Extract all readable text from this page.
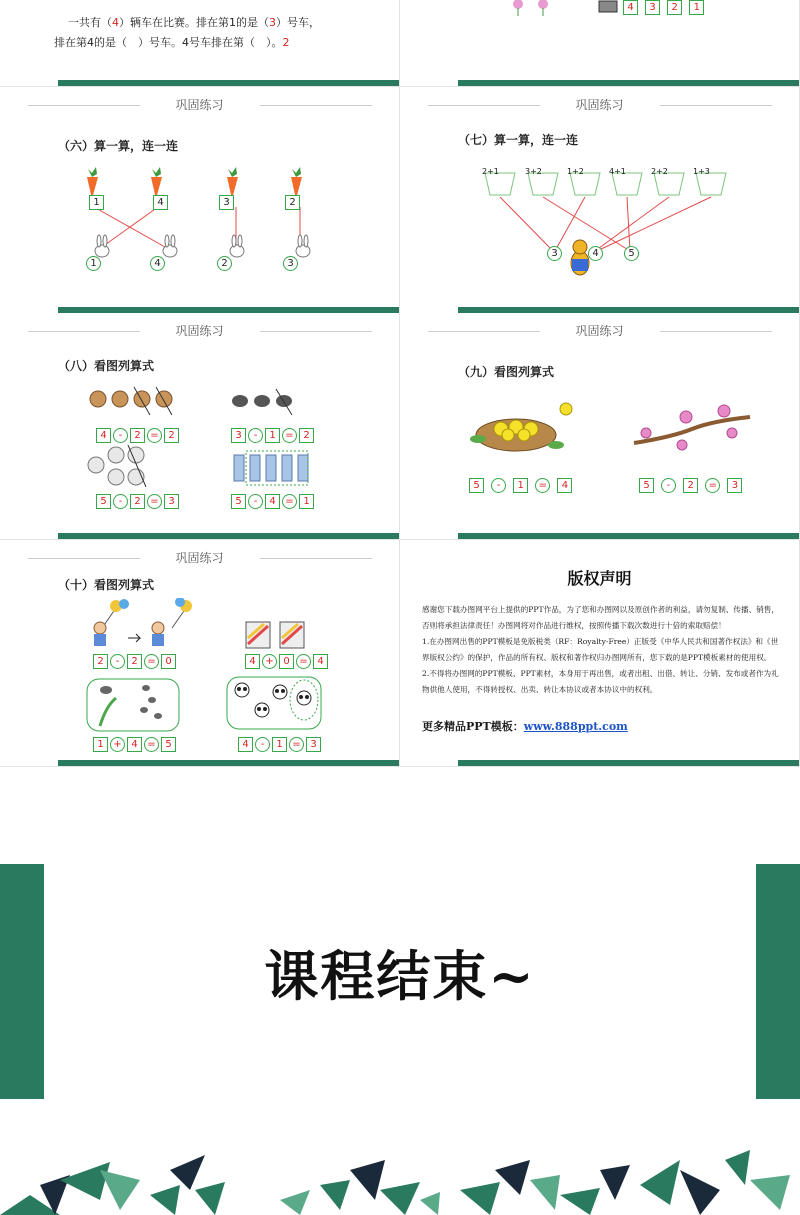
一共有（4）辆车在比赛。排在第1的是（3）号车，
排在第4的是（　）号车。4号车排在第（　）。2
4 3 2 1
巩固练习
（六）算一算，连一连
1	4	3	2
1	4	2	3
巩固练习
（七）算一算，连一连
2+1	3+2	1+2	4+1	2+2	1+3
3	4	5
巩固练习
（八）看图列算式
4 - 2 = 2	3 - 1 = 2
5 - 2 = 3	5 - 4 = 1
巩固练习
（九）看图列算式
5 - 1 = 4	5 - 2 = 3
巩固练习
（十）看图列算式
2 - 2 = 0	4 + 0 = 4
1 + 4 = 5	4 - 1 = 3
版权声明

感谢您下载办图网平台上提供的PPT作品，为了您和办图网以及原创作者的利益，请勿复制、传播、销售，否则将承担法律责任！办图网将对作品进行维权，按照传播下载次数进行十倍的索取赔偿！

1.在办图网出售的PPT模板是免版税类（RF：Royalty-Free）正版受《中华人民共和国著作权法》和《世界版权公约》的保护，作品的所有权、版权和著作权归办图网所有，您下载的是PPT模板素材的使用权。

2.不得将办图网的PPT模板、PPT素材，本身用于再出售，或者出租、出借、转让、分销、发布或者作为礼物供他人使用，不得转授权、出卖、转让本协议或者本协议中的权利。

更多精品PPT模板：www.888ppt.com
课程结束~
